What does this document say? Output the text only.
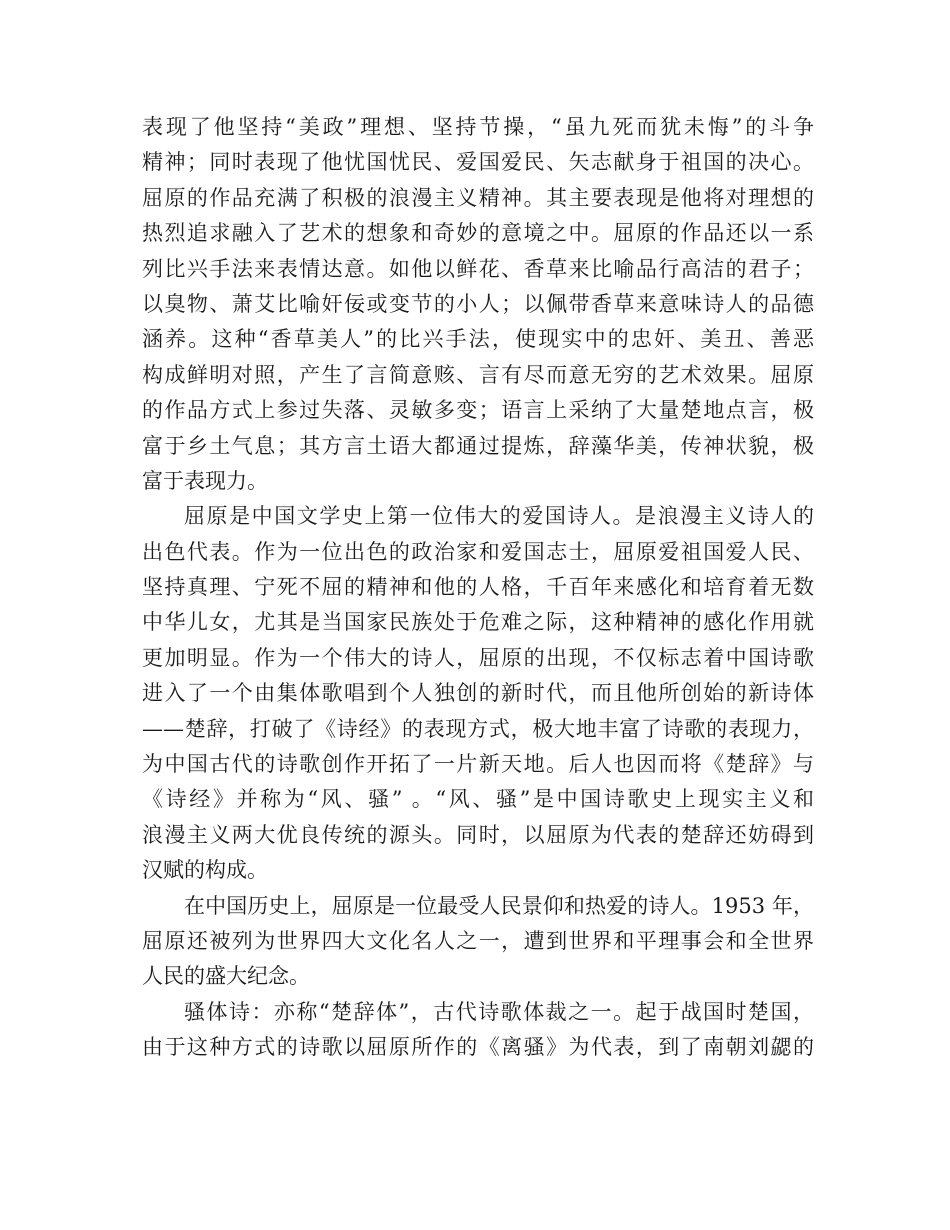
表现了他坚持“美政”理想、坚持节操，“虽九死而犹未悔”的斗争
精神；同时表现了他忧国忧民、爱国爱民、矢志献身于祖国的决心。
屈原的作品充满了积极的浪漫主义精神。其主要表现是他将对理想的
热烈追求融入了艺术的想象和奇妙的意境之中。屈原的作品还以一系
列比兴手法来表情达意。如他以鲜花、香草来比喻品行高洁的君子；
以臭物、萧艾比喻奸佞或变节的小人；以佩带香草来意味诗人的品德
涵养。这种“香草美人”的比兴手法，使现实中的忠奸、美丑、善恶
构成鲜明对照，产生了言简意赅、言有尽而意无穷的艺术效果。屈原
的作品方式上参过失落、灵敏多变；语言上采纳了大量楚地点言，极
富于乡土气息；其方言土语大都通过提炼，辞藻华美，传神状貌，极
富于表现力。
屈原是中国文学史上第一位伟大的爱国诗人。是浪漫主义诗人的
出色代表。作为一位出色的政治家和爱国志士，屈原爱祖国爱人民、
坚持真理、宁死不屈的精神和他的人格，千百年来感化和培育着无数
中华儿女，尤其是当国家民族处于危难之际，这种精神的感化作用就
更加明显。作为一个伟大的诗人，屈原的出现，不仅标志着中国诗歌
进入了一个由集体歌唱到个人独创的新时代，而且他所创始的新诗体
——楚辞，打破了《诗经》的表现方式，极大地丰富了诗歌的表现力，
为中国古代的诗歌创作开拓了一片新天地。后人也因而将《楚辞》与
《诗经》并称为“风、骚” 。“风、骚”是中国诗歌史上现实主义和
浪漫主义两大优良传统的源头。同时，以屈原为代表的楚辞还妨碍到
汉赋的构成。
在中国历史上，屈原是一位最受人民景仰和热爱的诗人。1953 年，
屈原还被列为世界四大文化名人之一，遭到世界和平理事会和全世界
人民的盛大纪念。
骚体诗：亦称“楚辞体”，古代诗歌体裁之一。起于战国时楚国，
由于这种方式的诗歌以屈原所作的《离骚》为代表，到了南朝刘勰的
